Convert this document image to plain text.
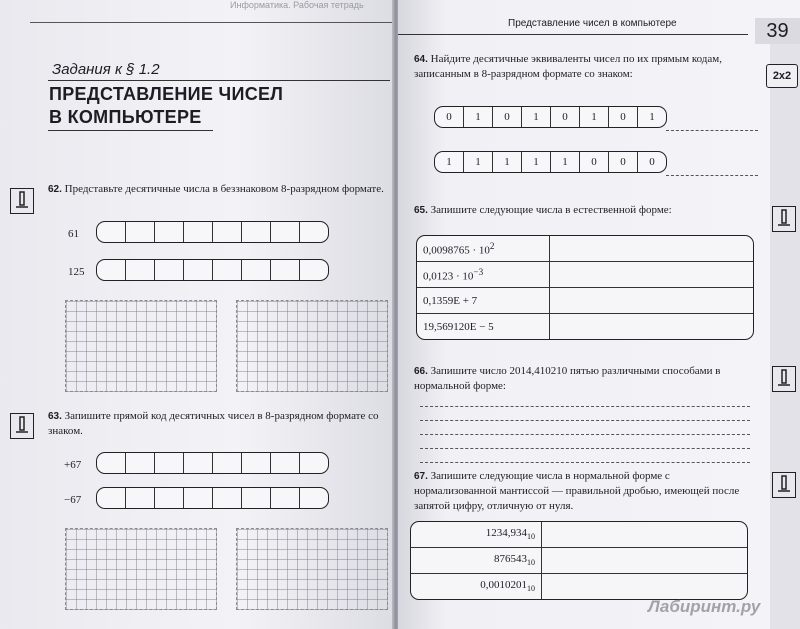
Информатика. Рабочая тетрадь
Задания к § 1.2
ПРЕДСТАВЛЕНИЕ ЧИСЕЛ
В КОМПЬЮТЕРЕ
62. Представьте десятичные числа в беззнаковом 8-разрядном формате.
61
125
63. Запишите прямой код десятичных чисел в 8-разрядном формате со знаком.
+67
−67
Представление чисел в компьютере	39
2x2
64. Найдите десятичные эквиваленты чисел по их прямым кодам, записанным в 8-разрядном формате со знаком:
0	1	0	1	0	1	0	1
1	1	1	1	1	0	0	0
65. Запишите следующие числа в естественной форме:
$0,0098765 \cdot 10^2$	
$0,0123 \cdot 10^{-3}$	
0,1359E + 7	
19,569120E − 5	
66. Запишите число 2014,410210 пятью различными способами в нормальной форме:
67. Запишите следующие числа в нормальной форме с нормализованной мантиссой — правильной дробью, имеющей после запятой цифру, отличную от нуля.
$1234,934_{10}$	
$876543_{10}$	
$0,0010201_{10}$	
Лабиринт.ру
